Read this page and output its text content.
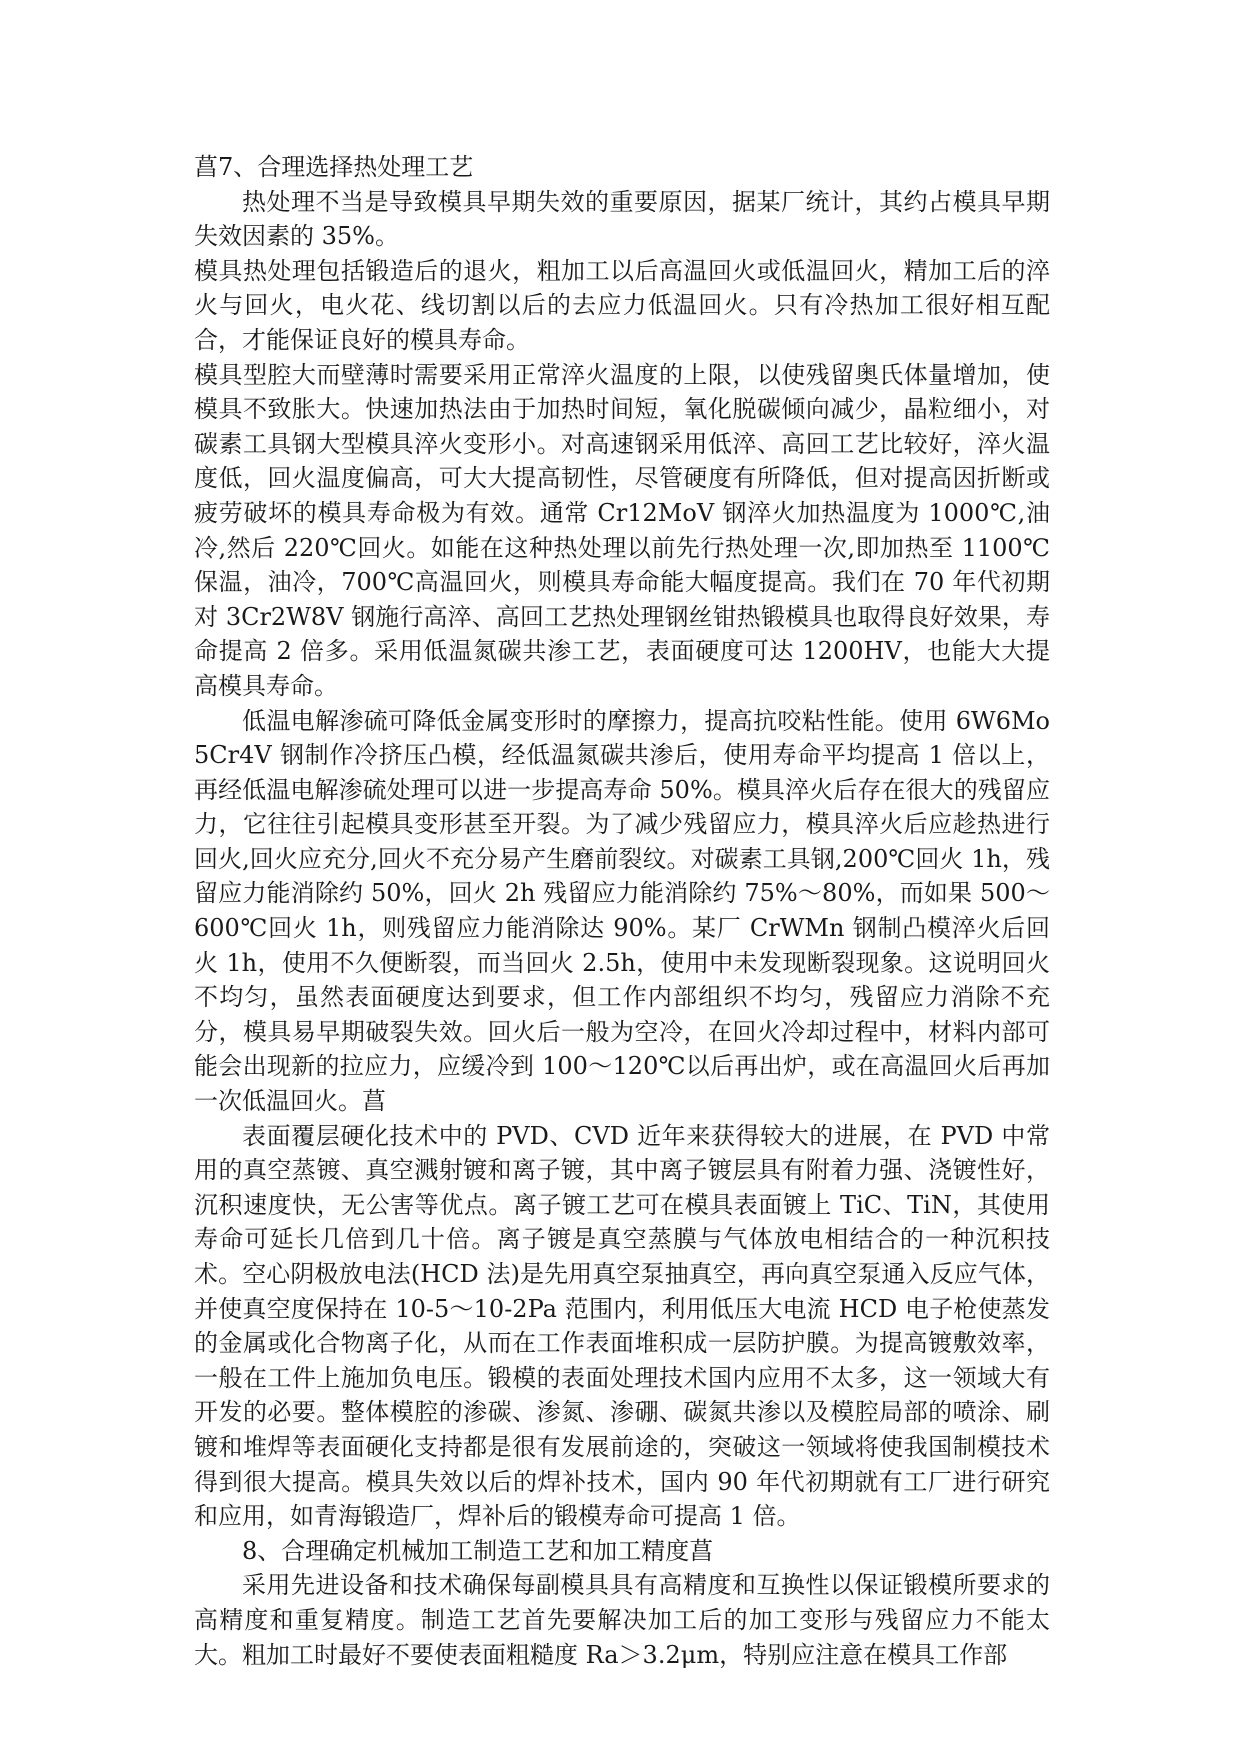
菖7、合理选择热处理工艺

热处理不当是导致模具早期失效的重要原因，据某厂统计，其约占模具早期失效因素的 35%。

模具热处理包括锻造后的退火，粗加工以后高温回火或低温回火，精加工后的淬火与回火，电火花、线切割以后的去应力低温回火。只有冷热加工很好相互配合，才能保证良好的模具寿命。

模具型腔大而壁薄时需要采用正常淬火温度的上限，以使残留奥氏体量增加，使模具不致胀大。快速加热法由于加热时间短，氧化脱碳倾向减少，晶粒细小，对碳素工具钢大型模具淬火变形小。对高速钢采用低淬、高回工艺比较好，淬火温度低，回火温度偏高，可大大提高韧性，尽管硬度有所降低，但对提高因折断或疲劳破坏的模具寿命极为有效。通常 Cr12MoV 钢淬火加热温度为 1000℃,油冷,然后 220℃回火。如能在这种热处理以前先行热处理一次,即加热至 1100℃保温，油冷，700℃高温回火，则模具寿命能大幅度提高。我们在 70 年代初期对 3Cr2W8V 钢施行高淬、高回工艺热处理钢丝钳热锻模具也取得良好效果，寿命提高 2 倍多。采用低温氮碳共渗工艺，表面硬度可达 1200HV，也能大大提高模具寿命。

低温电解渗硫可降低金属变形时的摩擦力，提高抗咬粘性能。使用 6W6Mo5Cr4V 钢制作冷挤压凸模，经低温氮碳共渗后，使用寿命平均提高 1 倍以上，再经低温电解渗硫处理可以进一步提高寿命 50%。模具淬火后存在很大的残留应力，它往往引起模具变形甚至开裂。为了减少残留应力，模具淬火后应趁热进行回火,回火应充分,回火不充分易产生磨前裂纹。对碳素工具钢,200℃回火 1h，残留应力能消除约 50%，回火 2h 残留应力能消除约 75%～80%，而如果 500～600℃回火 1h，则残留应力能消除达 90%。某厂 CrWMn 钢制凸模淬火后回火 1h，使用不久便断裂，而当回火 2.5h，使用中未发现断裂现象。这说明回火不均匀，虽然表面硬度达到要求，但工作内部组织不均匀，残留应力消除不充分，模具易早期破裂失效。回火后一般为空冷，在回火冷却过程中，材料内部可能会出现新的拉应力，应缓冷到 100～120℃以后再出炉，或在高温回火后再加一次低温回火。菖

表面覆层硬化技术中的 PVD、CVD 近年来获得较大的进展，在 PVD 中常用的真空蒸镀、真空溅射镀和离子镀，其中离子镀层具有附着力强、浇镀性好，沉积速度快，无公害等优点。离子镀工艺可在模具表面镀上 TiC、TiN，其使用寿命可延长几倍到几十倍。离子镀是真空蒸膜与气体放电相结合的一种沉积技术。空心阴极放电法(HCD 法)是先用真空泵抽真空，再向真空泵通入反应气体，并使真空度保持在 10-5～10-2Pa 范围内，利用低压大电流 HCD 电子枪使蒸发的金属或化合物离子化，从而在工作表面堆积成一层防护膜。为提高镀敷效率，一般在工件上施加负电压。锻模的表面处理技术国内应用不太多，这一领域大有开发的必要。整体模腔的渗碳、渗氮、渗硼、碳氮共渗以及模腔局部的喷涂、刷镀和堆焊等表面硬化支持都是很有发展前途的，突破这一领域将使我国制模技术得到很大提高。模具失效以后的焊补技术，国内 90 年代初期就有工厂进行研究和应用，如青海锻造厂，焊补后的锻模寿命可提高 1 倍。

8、合理确定机械加工制造工艺和加工精度菖

采用先进设备和技术确保每副模具具有高精度和互换性以保证锻模所要求的高精度和重复精度。制造工艺首先要解决加工后的加工变形与残留应力不能太大。粗加工时最好不要使表面粗糙度 Ra＞3.2μm，特别应注意在模具工作部
